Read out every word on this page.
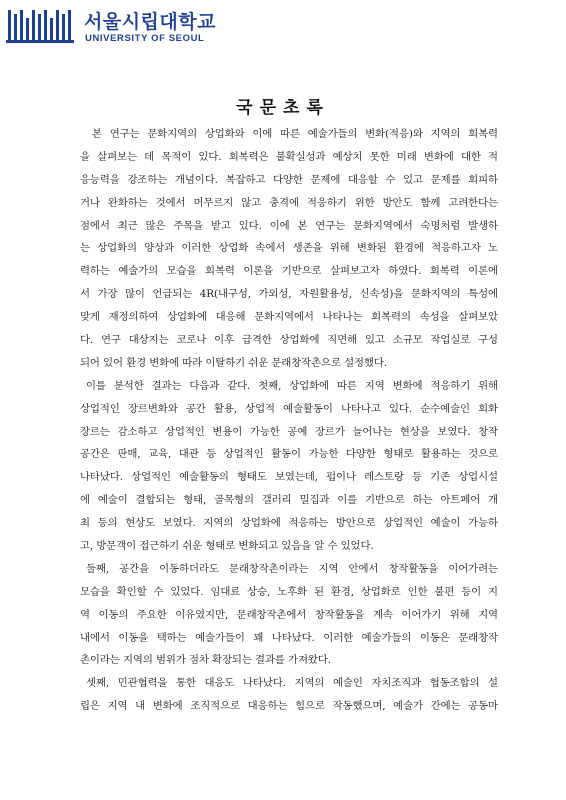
서울시립대학교
UNIVERSITY OF SEOUL
국문초록
본 연구는 문화지역의 상업화와 이에 따른 예술가들의 변화(적응)와 지역의 회복력
을 살펴보는 데 목적이 있다. 회복력은 불확실성과 예상치 못한 미래 변화에 대한 적
응능력을 강조하는 개념이다. 복잡하고 다양한 문제에 대응할 수 있고 문제를 회피하
거나 완화하는 것에서 머무르지 않고 충격에 적응하기 위한 방안도 함께 고려한다는
점에서 최근 많은 주목을 받고 있다. 이에 본 연구는 문화지역에서 숙명처럼 발생하
는 상업화의 양상과 이러한 상업화 속에서 생존을 위해 변화된 환경에 적응하고자 노
력하는 예술가의 모습을 회복력 이론을 기반으로 살펴보고자 하였다. 회복력 이론에
서 가장 많이 언급되는 4R(내구성, 가외성, 자원활용성, 신속성)을 문화지역의 특성에
맞게 재정의하여 상업화에 대응해 문화지역에서 나타나는 회복력의 속성을 살펴보았
다. 연구 대상지는 코로나 이후 급격한 상업화에 직면해 있고 소규모 작업실로 구성
되어 있어 환경 변화에 따라 이탈하기 쉬운 문래창작촌으로 설정했다.
이를 분석한 결과는 다음과 같다. 첫째, 상업화에 따른 지역 변화에 적응하기 위해
상업적인 장르변화와 공간 활용, 상업적 예술활동이 나타나고 있다. 순수예술인 회화
장르는 감소하고 상업적인 변용이 가능한 공예 장르가 늘어나는 현상을 보였다. 창작
공간은 판매, 교육, 대관 등 상업적인 활동이 가능한 다양한 형태로 활용하는 것으로
나타났다. 상업적인 예술활동의 형태도 보였는데, 펍이나 레스토랑 등 기존 상업시설
에 예술이 결합되는 형태, 골목형의 갤러리 밀집과 이를 기반으로 하는 아트페어 개
최 등의 현상도 보였다. 지역의 상업화에 적응하는 방안으로 상업적인 예술이 가능하
고, 방문객이 접근하기 쉬운 형태로 변화되고 있음을 알 수 있었다.
둘째, 공간을 이동하더라도 문래창작촌이라는 지역 안에서 창작활동을 이어가려는
모습을 확인할 수 있었다. 임대료 상승, 노후화 된 환경, 상업화로 인한 불편 등이 지
역 이동의 주요한 이유였지만, 문래창작촌에서 창작활동을 계속 이어가기 위해 지역
내에서 이동을 택하는 예술가들이 꽤 나타났다. 이러한 예술가들의 이동은 문래창작
촌이라는 지역의 범위가 점차 확장되는 결과를 가져왔다.
셋째, 민관협력을 통한 대응도 나타났다. 지역의 예술인 자치조직과 협동조합의 설
립은 지역 내 변화에 조직적으로 대응하는 힘으로 작동했으며, 예술가 간에는 공동마
